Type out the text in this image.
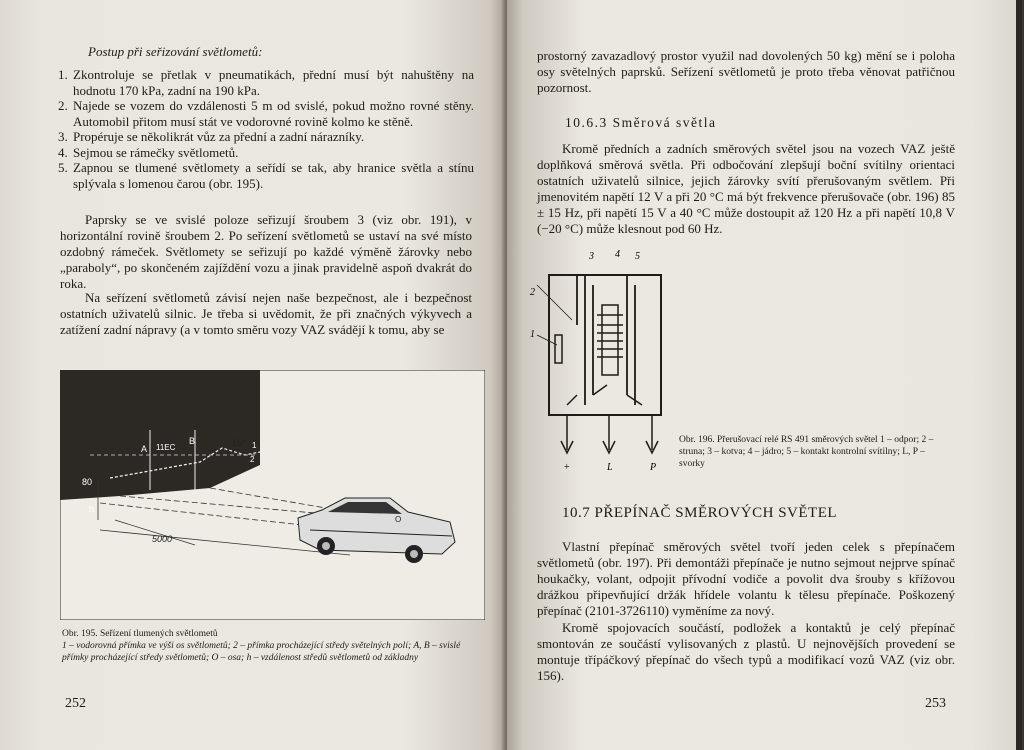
Postup při seřizování světlometů:
1. Zkontroluje se přetlak v pneumatikách, přední musí být nahuštěny na hodnotu 170 kPa, zadní na 190 kPa.
2. Najede se vozem do vzdálenosti 5 m od svislé, pokud možno rovné stěny. Automobil přitom musí stát ve vodorovné rovině kolmo ke stěně.
3. Propéruje se několikrát vůz za přední a zadní nárazníky.
4. Sejmou se rámečky světlometů.
5. Zapnou se tlumené světlomety a seřídí se tak, aby hranice světla a stínu splývala s lomenou čarou (obr. 195).
Paprsky se ve svislé poloze seřizují šroubem 3 (viz obr. 191), v horizontální rovině šroubem 2. Po seřízení světlometů se ustaví na své místo ozdobný rámeček. Světlomety se seřizují po každé výměně žárovky nebo „paraboly“, po skončeném zajíždění vozu a jinak pravidelně aspoň dvakrát do roka.
Na seřízení světlometů závisí nejen naše bezpečnost, ale i bezpečnost ostatních uživatelů silnic. Je třeba si uvědomit, že při značných výkyvech a zatížení zadní nápravy (a v tomto směru vozy VAZ svádějí k tomu, aby se
A
B
11EC	15° 1
2
80
h
5000
O
Obr. 195. Seřízení tlumených světlometů
1 – vodorovná přímka ve výši os světlometů; 2 – přímka procházející středy světelných polí; A, B – svislé přímky procházející středy světlometů; O – osa; h – vzdálenost středů světlometů od základny
252
prostorný zavazadlový prostor využil nad dovolených 50 kg) mění se i poloha osy světelných paprsků. Seřízení světlometů je proto třeba věnovat patřičnou pozornost.
10.6.3 Směrová světla
Kromě předních a zadních směrových světel jsou na vozech VAZ ještě doplňková směrová světla. Při odbočování zlepšují boční svítilny orientaci ostatních uživatelů silnice, jejich žárovky svítí přerušovaným světlem. Při jmenovitém napětí 12 V a při 20 °C má být frekvence přerušovače (obr. 196) 85 ± 15 Hz, při napětí 15 V a 40 °C může dostoupit až 120 Hz a při napětí 10,8 V (−20 °C) může klesnout pod 60 Hz.
2
1
3 4 5
+	L	P
Obr. 196. Přerušovací relé RS 491 směrových světel 1 – odpor; 2 – struna; 3 – kotva; 4 – jádro; 5 – kontakt kontrolní svítilny; L, P – svorky
10.7 PŘEPÍNAČ SMĚROVÝCH SVĚTEL
Vlastní přepínač směrových světel tvoří jeden celek s přepínačem světlometů (obr. 197). Při demontáži přepínače je nutno sejmout nejprve spínač houkačky, volant, odpojit přívodní vodiče a povolit dva šrouby s křížovou drážkou připevňující držák hřídele volantu k tělesu přepínače. Poškozený přepínač (2101-3726110) vyměníme za nový.
Kromě spojovacích součástí, podložek a kontaktů je celý přepínač smontován ze součástí vylisovaných z plastů. U nejnovějších provedení se montuje třípáčkový přepínač do všech typů a modifikací vozů VAZ (viz obr. 156).
253
